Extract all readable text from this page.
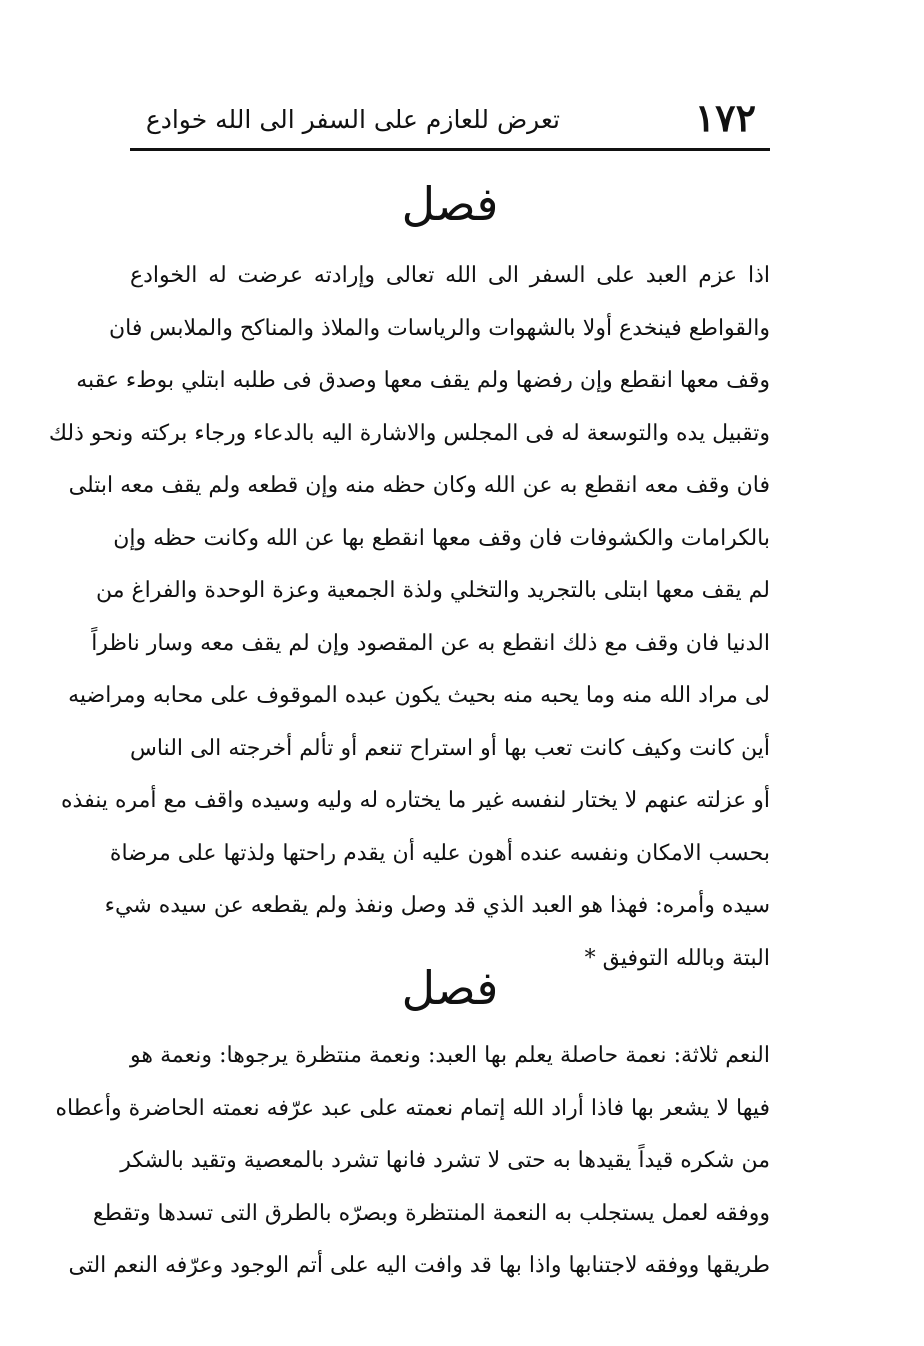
١٧٢
تعرض للعازم على السفر الى الله خوادع
فصل
اذا عزم العبد على السفر الى الله تعالى وإرادته عرضت له الخوادع
والقواطع فينخدع أولا بالشهوات والرياسات والملاذ والمناكح والملابس فان
وقف معها انقطع وإن رفضها ولم يقف معها وصدق فى طلبه ابتلي بوطء عقبه
وتقبيل يده والتوسعة له فى المجلس والاشارة اليه بالدعاء ورجاء بركته ونحو ذلك
فان وقف معه انقطع به عن الله وكان حظه منه وإن قطعه ولم يقف معه ابتلى
بالكرامات والكشوفات فان وقف معها انقطع بها عن الله وكانت حظه وإن
لم يقف معها ابتلى بالتجريد والتخلي ولذة الجمعية وعزة الوحدة والفراغ من
الدنيا فان وقف مع ذلك انقطع به عن المقصود وإن لم يقف معه وسار ناظراً
لى مراد الله منه وما يحبه منه بحيث يكون عبده الموقوف على محابه ومراضيه
أين كانت وكيف كانت تعب بها أو استراح تنعم أو تألم أخرجته الى الناس
أو عزلته عنهم لا يختار لنفسه غير ما يختاره له وليه وسيده واقف مع أمره ينفذه
بحسب الامكان ونفسه عنده أهون عليه أن يقدم راحتها ولذتها على مرضاة
سيده وأمره: فهذا هو العبد الذي قد وصل ونفذ ولم يقطعه عن سيده شيء
البتة وبالله التوفيق *
فصل
النعم ثلاثة: نعمة حاصلة يعلم بها العبد: ونعمة منتظرة يرجوها: ونعمة هو
فيها لا يشعر بها فاذا أراد الله إتمام نعمته على عبد عرّفه نعمته الحاضرة وأعطاه
من شكره قيداً يقيدها به حتى لا تشرد فانها تشرد بالمعصية وتقيد بالشكر
ووفقه لعمل يستجلب به النعمة المنتظرة وبصرّه بالطرق التى تسدها وتقطع
طريقها ووفقه لاجتنابها واذا بها قد وافت اليه على أتم الوجود وعرّفه النعم التى
